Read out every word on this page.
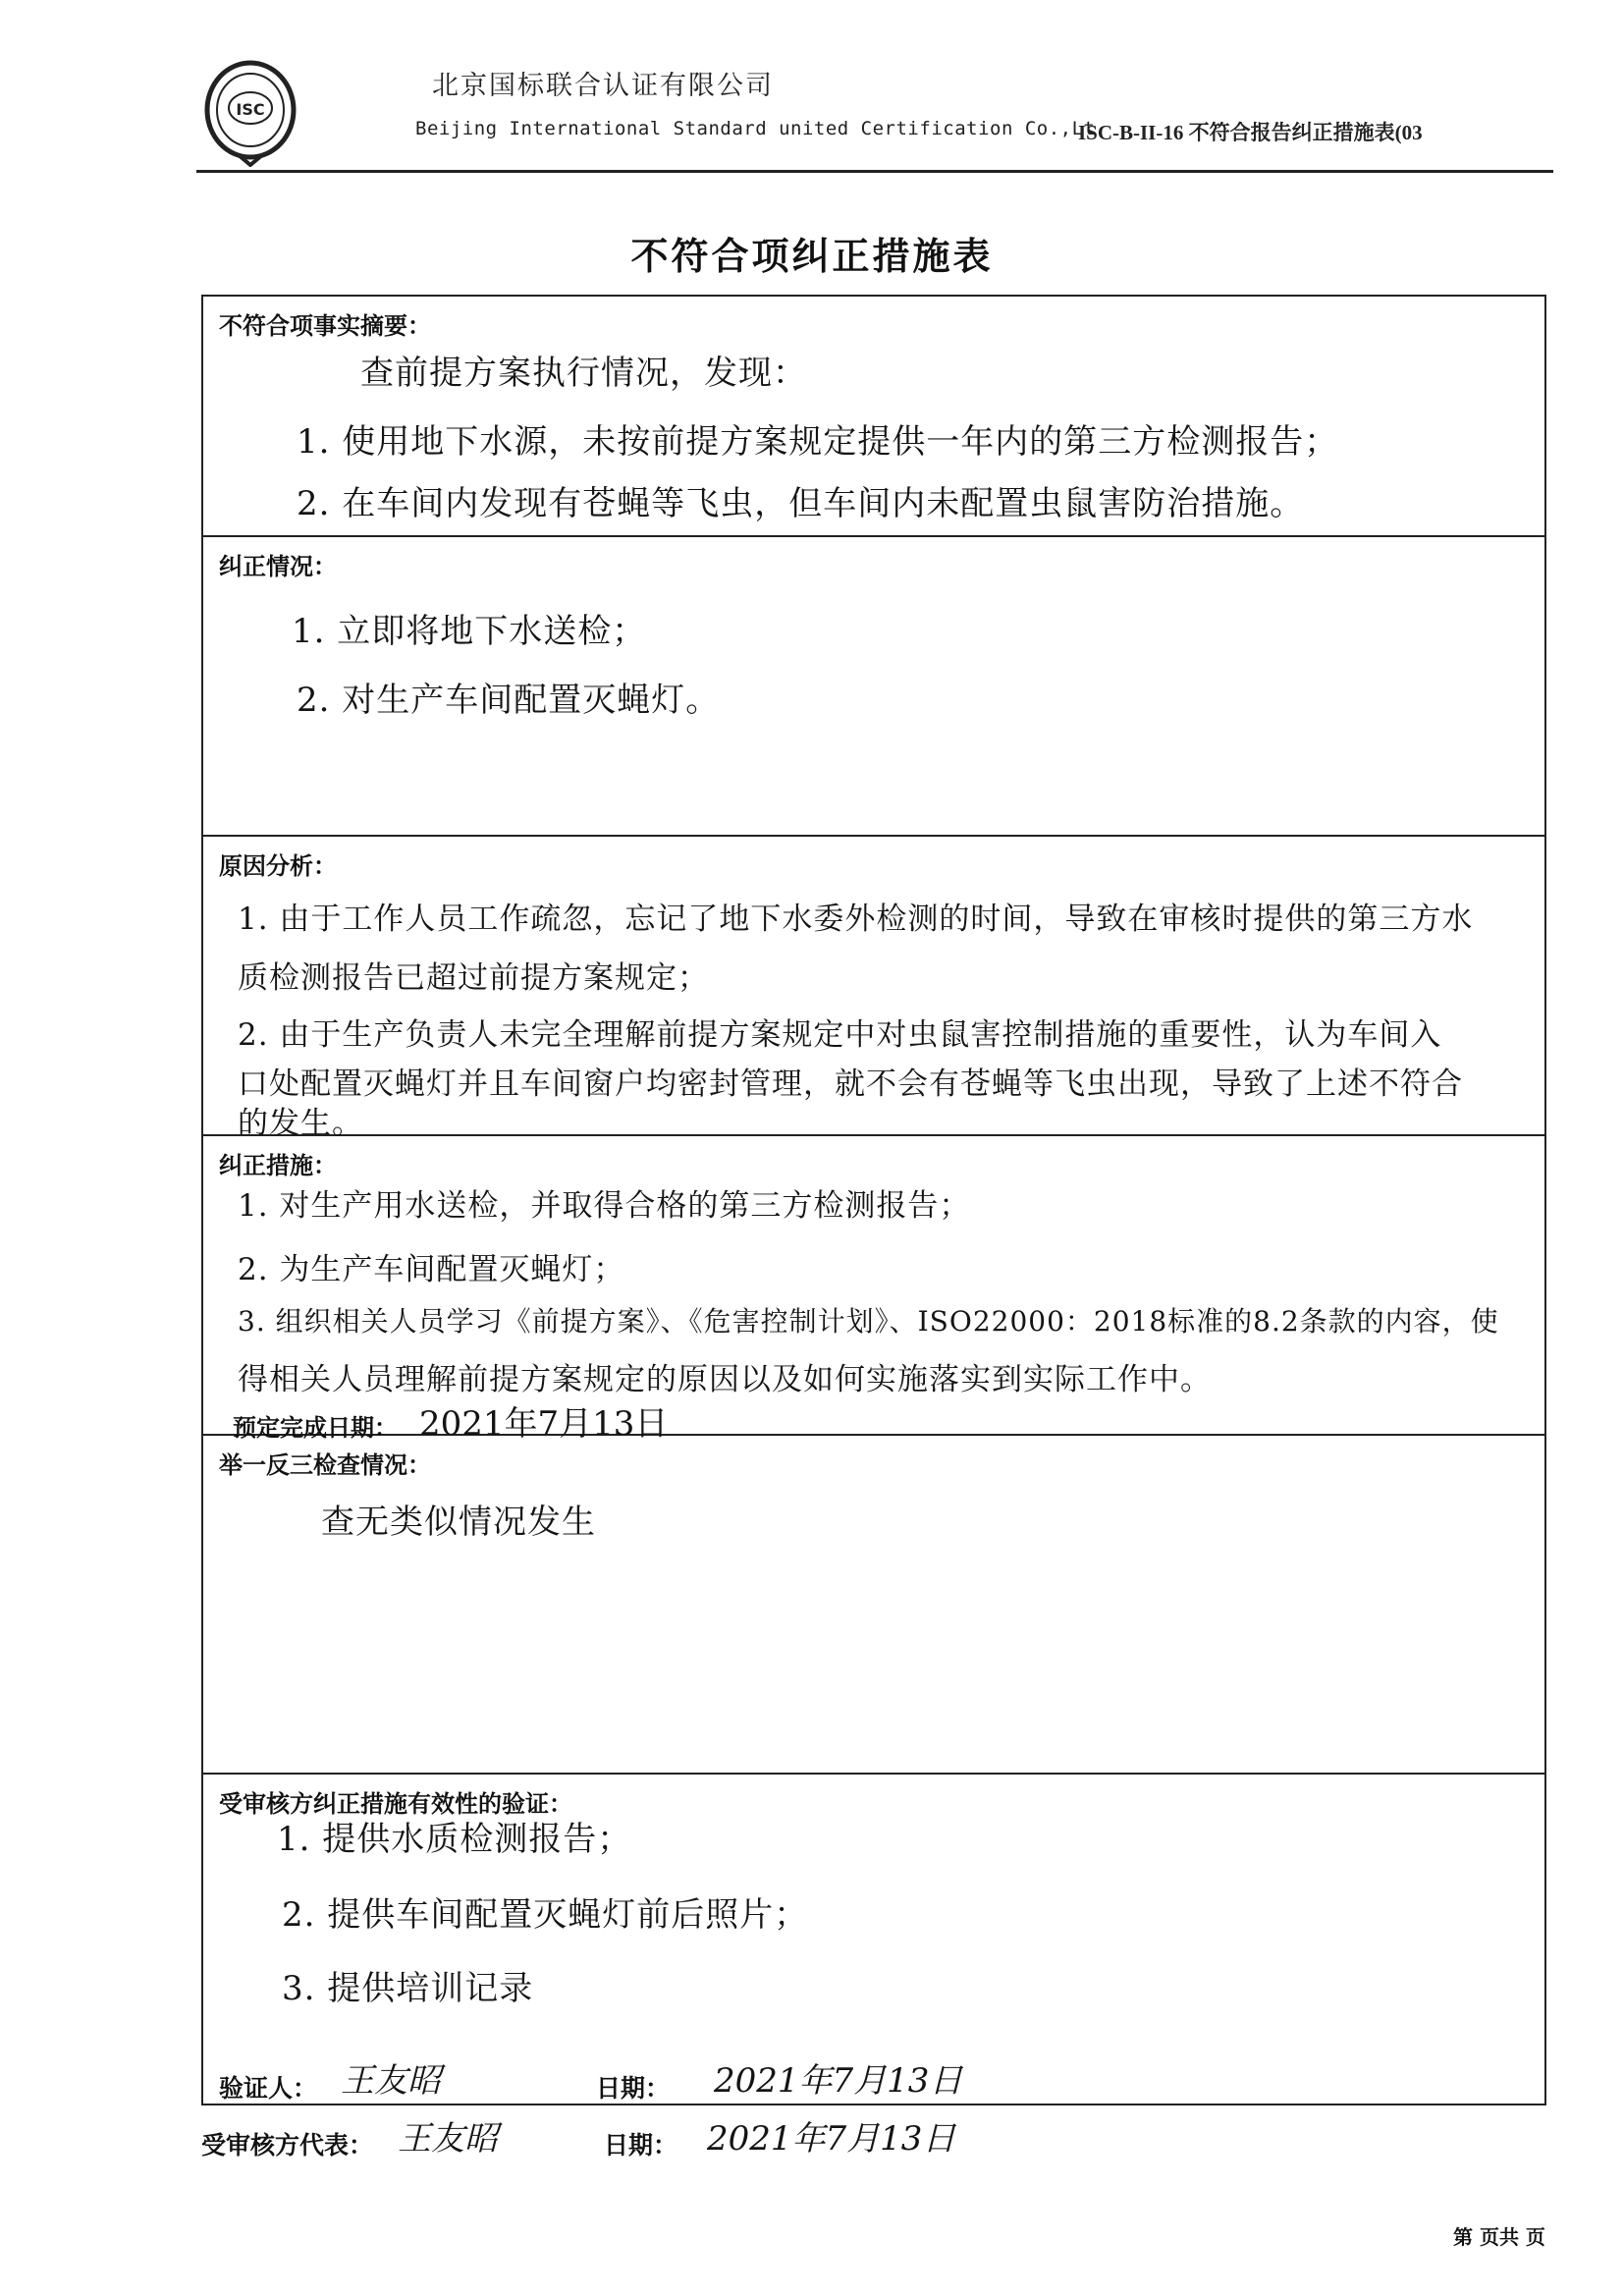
ISC
北京国标联合认证有限公司
Beijing International Standard united Certification Co.,Lt
ISC-B-II-16 不符合报告纠正措施表(03
不符合项纠正措施表
不符合项事实摘要：
查前提方案执行情况，发现：
1. 使用地下水源，未按前提方案规定提供一年内的第三方检测报告；
2. 在车间内发现有苍蝇等飞虫，但车间内未配置虫鼠害防治措施。
纠正情况：
1. 立即将地下水送检；
2. 对生产车间配置灭蝇灯。
原因分析：
1. 由于工作人员工作疏忽，忘记了地下水委外检测的时间，导致在审核时提供的第三方水
质检测报告已超过前提方案规定；
2. 由于生产负责人未完全理解前提方案规定中对虫鼠害控制措施的重要性，认为车间入
口处配置灭蝇灯并且车间窗户均密封管理，就不会有苍蝇等飞虫出现，导致了上述不符合
的发生。
纠正措施：
1. 对生产用水送检，并取得合格的第三方检测报告；
2. 为生产车间配置灭蝇灯；
3. 组织相关人员学习《前提方案》、《危害控制计划》、ISO22000：2018标准的8.2条款的内容，使
得相关人员理解前提方案规定的原因以及如何实施落实到实际工作中。
预定完成日期： 2021年7月13日
举一反三检查情况：
查无类似情况发生
受审核方纠正措施有效性的验证：
1. 提供水质检测报告；
2. 提供车间配置灭蝇灯前后照片；
3. 提供培训记录
验证人： 王友昭	日期： 2021年7月13日
受审核方代表： 王友昭	日期： 2021年7月13日
第 页共 页
